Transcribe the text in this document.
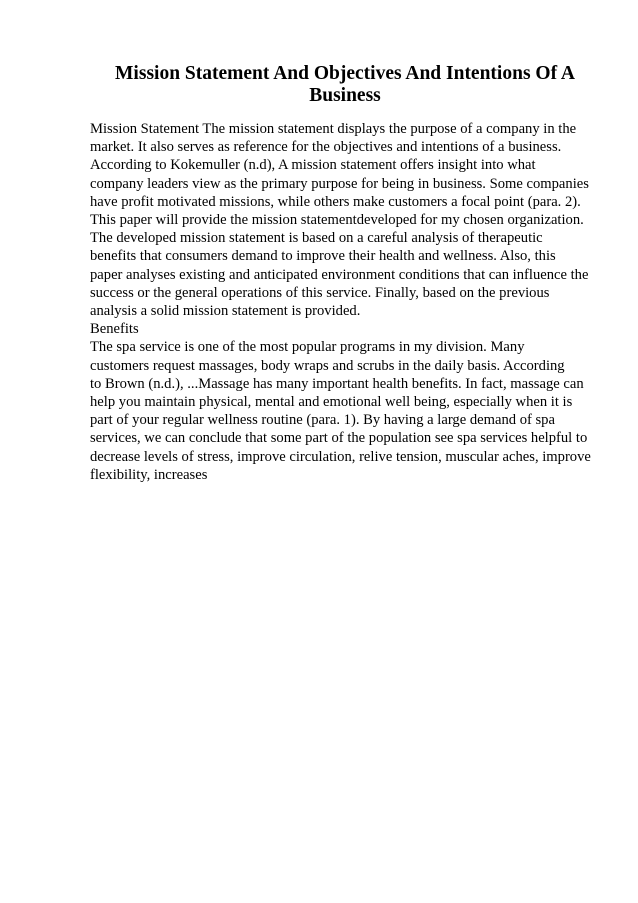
Mission Statement And Objectives And Intentions Of A
Business
Mission Statement The mission statement displays the purpose of a company in the
market. It also serves as reference for the objectives and intentions of a business.
According to Kokemuller (n.d), A mission statement offers insight into what
company leaders view as the primary purpose for being in business. Some companies
have profit motivated missions, while others make customers a focal point (para. 2).
This paper will provide the mission statementdeveloped for my chosen organization.
The developed mission statement is based on a careful analysis of therapeutic
benefits that consumers demand to improve their health and wellness. Also, this
paper analyses existing and anticipated environment conditions that can influence the
success or the general operations of this service. Finally, based on the previous
analysis a solid mission statement is provided.
Benefits
The spa service is one of the most popular programs in my division. Many
customers request massages, body wraps and scrubs in the daily basis. According
to Brown (n.d.), ...Massage has many important health benefits. In fact, massage can
help you maintain physical, mental and emotional well being, especially when it is
part of your regular wellness routine (para. 1). By having a large demand of spa
services, we can conclude that some part of the population see spa services helpful to
decrease levels of stress, improve circulation, relive tension, muscular aches, improve
flexibility, increases
